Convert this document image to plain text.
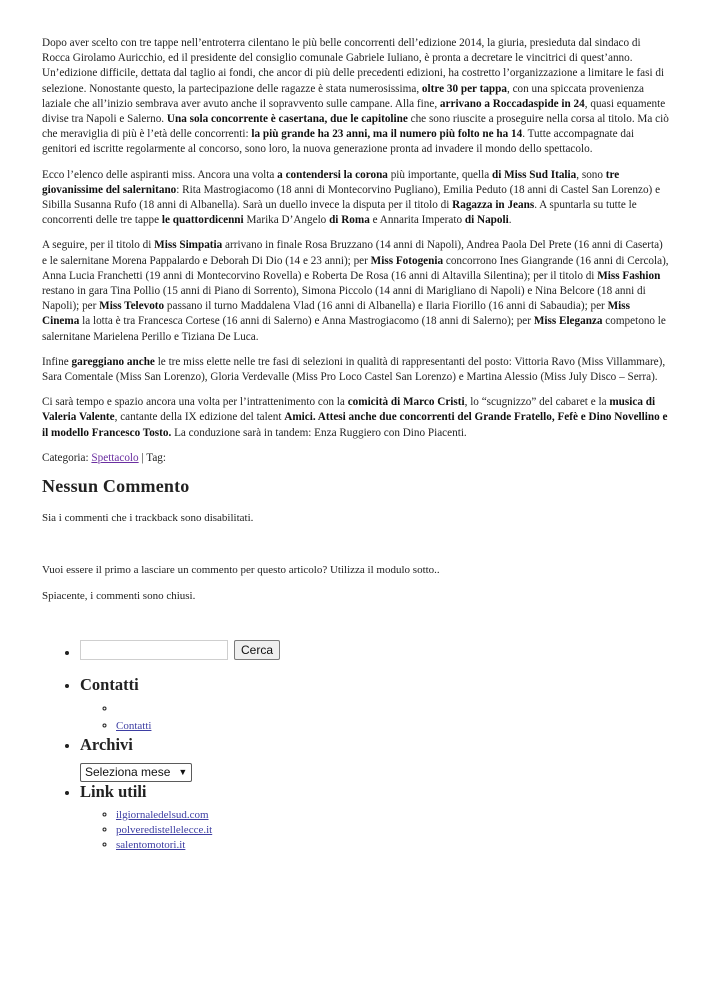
Dopo aver scelto con tre tappe nell’entroterra cilentano le più belle concorrenti dell’edizione 2014, la giuria, presieduta dal sindaco di Rocca Girolamo Auricchio, ed il presidente del consiglio comunale Gabriele Iuliano, è pronta a decretare le vincitrici di quest’anno. Un’edizione difficile, dettata dal taglio ai fondi, che ancor di più delle precedenti edizioni, ha costretto l’organizzazione a limitare le fasi di selezione. Nonostante questo, la partecipazione delle ragazze è stata numerosissima, oltre 30 per tappa, con una spiccata provenienza laziale che all’inizio sembrava aver avuto anche il sopravvento sulle campane. Alla fine, arrivano a Roccadaspide in 24, quasi equamente divise tra Napoli e Salerno. Una sola concorrente è casertana, due le capitoline che sono riuscite a proseguire nella corsa al titolo. Ma ciò che meraviglia di più è l’età delle concorrenti: la più grande ha 23 anni, ma il numero più folto ne ha 14. Tutte accompagnate dai genitori ed iscritte regolarmente al concorso, sono loro, la nuova generazione pronta ad invadere il mondo dello spettacolo.

Ecco l’elenco delle aspiranti miss. Ancora una volta a contendersi la corona più importante, quella di Miss Sud Italia, sono tre giovanissime del salernitano: Rita Mastrogiacomo (18 anni di Montecorvino Pugliano), Emilia Peduto (18 anni di Castel San Lorenzo) e Sibilla Susanna Rufo (18 anni di Albanella). Sarà un duello invece la disputa per il titolo di Ragazza in Jeans. A spuntarla su tutte le concorrenti delle tre tappe le quattordicenni Marika D’Angelo di Roma e Annarita Imperato di Napoli.

A seguire, per il titolo di Miss Simpatia arrivano in finale Rosa Bruzzano (14 anni di Napoli), Andrea Paola Del Prete (16 anni di Caserta) e le salernitane Morena Pappalardo e Deborah Di Dio (14 e 23 anni); per Miss Fotogenia concorrono Ines Giangrande (16 anni di Cercola), Anna Lucia Franchetti (19 anni di Montecorvino Rovella) e Roberta De Rosa (16 anni di Altavilla Silentina); per il titolo di Miss Fashion restano in gara Tina Pollio (15 anni di Piano di Sorrento), Simona Piccolo (14 anni di Marigliano di Napoli) e Nina Belcore (18 anni di Napoli); per Miss Televoto passano il turno Maddalena Vlad (16 anni di Albanella) e Ilaria Fiorillo (16 anni di Sabaudia); per Miss Cinema la lotta è tra Francesca Cortese (16 anni di Salerno) e Anna Mastrogiacomo (18 anni di Salerno); per Miss Eleganza competono le salernitane Marielena Perillo e Tiziana De Luca.

Infine gareggiano anche le tre miss elette nelle tre fasi di selezioni in qualità di rappresentanti del posto: Vittoria Ravo (Miss Villammare), Sara Comentale (Miss San Lorenzo), Gloria Verdevalle (Miss Pro Loco Castel San Lorenzo) e Martina Alessio (Miss July Disco – Serra).

Ci sarà tempo e spazio ancora una volta per l’intrattenimento con la comicità di Marco Cristi, lo “scugnizzo” del cabaret e la musica di Valeria Valente, cantante della IX edizione del talent Amici. Attesi anche due concorrenti del Grande Fratello, Fefè e Dino Novellino e il modello Francesco Tosto. La conduzione sarà in tandem: Enza Ruggiero con Dino Piacenti.

Categoria: Spettacolo | Tag:
Nessun Commento

Sia i commenti che i trackback sono disabilitati.

Vuoi essere il primo a lasciare un commento per questo articolo? Utilizza il modulo sotto..

Spiacente, i commenti sono chiusi.

• Cerca
• Contatti
◦
◦ Contatti
• Archivi
Seleziona mese ▼
• Link utili
◦ ilgiornaledelsud.com
◦ polveredistellelecce.it
◦ salentomotori.it
